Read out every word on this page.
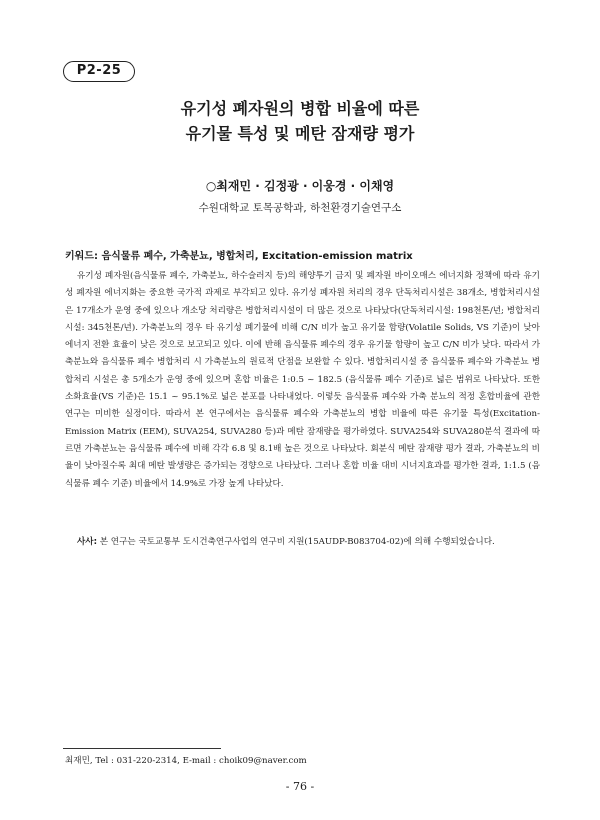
P2-25
유기성 폐자원의 병합 비율에 따른
유기물 특성 및 메탄 잠재량 평가
○최재민 · 김정광 · 이웅경 · 이채영
수원대학교 토목공학과, 하천환경기술연구소
키워드: 음식물류 폐수, 가축분뇨, 병합처리, Excitation-emission matrix

유기성 폐자원(음식물류 폐수, 가축분뇨, 하수슬러지 등)의 해양투기 금지 및 폐자원 바이오매스 에너지화 정책에 따라 유기성 폐자원 에너지화는 중요한 국가적 과제로 부각되고 있다. 유기성 폐자원 처리의 경우 단독처리시설은 38개소, 병합처리시설은 17개소가 운영 중에 있으나 개소당 처리량은 병합처리시설이 더 많은 것으로 나타났다(단독처리시설: 198천톤/년; 병합처리시설: 345천톤/년). 가축분뇨의 경우 타 유기성 폐기물에 비해 C/N 비가 높고 유기물 함량(Volatile Solids, VS 기준)이 낮아 에너지 전환 효율이 낮은 것으로 보고되고 있다. 이에 반해 음식물류 폐수의 경우 유기물 함량이 높고 C/N 비가 낮다. 따라서 가축분뇨와 음식물류 폐수 병합처리 시 가축분뇨의 원료적 단점을 보완할 수 있다. 병합처리시설 중 음식물류 폐수와 가축분뇨 병합처리 시설은 총 5개소가 운영 중에 있으며 혼합 비율은 1:0.5 ~ 182.5 (음식물류 폐수 기준)로 넓은 범위로 나타났다. 또한 소화효율(VS 기준)은 15.1 ~ 95.1%로 넓은 분포를 나타내었다. 이렇듯 음식물류 폐수와 가축 분뇨의 적정 혼합비율에 관한 연구는 미비한 실정이다. 따라서 본 연구에서는 음식물류 폐수와 가축분뇨의 병합 비율에 따른 유기물 특성(Excitation-Emission Matrix (EEM), SUVA254, SUVA280 등)과 메탄 잠재량을 평가하였다. SUVA254와 SUVA280분석 결과에 따르면 가축분뇨는 음식물류 폐수에 비해 각각 6.8 및 8.1배 높은 것으로 나타났다. 회분식 메탄 잠재량 평가 결과, 가축분뇨의 비율이 낮아질수록 최대 메탄 발생량은 증가되는 경향으로 나타났다. 그러나 혼합 비율 대비 시너지효과를 평가한 결과, 1:1.5 (음식물류 폐수 기준) 비율에서 14.9%로 가장 높게 나타났다.

사사: 본 연구는 국토교통부 도시건축연구사업의 연구비 지원(15AUDP-B083704-02)에 의해 수행되었습니다.
최재민, Tel : 031-220-2314, E-mail : choik09@naver.com
- 76 -
